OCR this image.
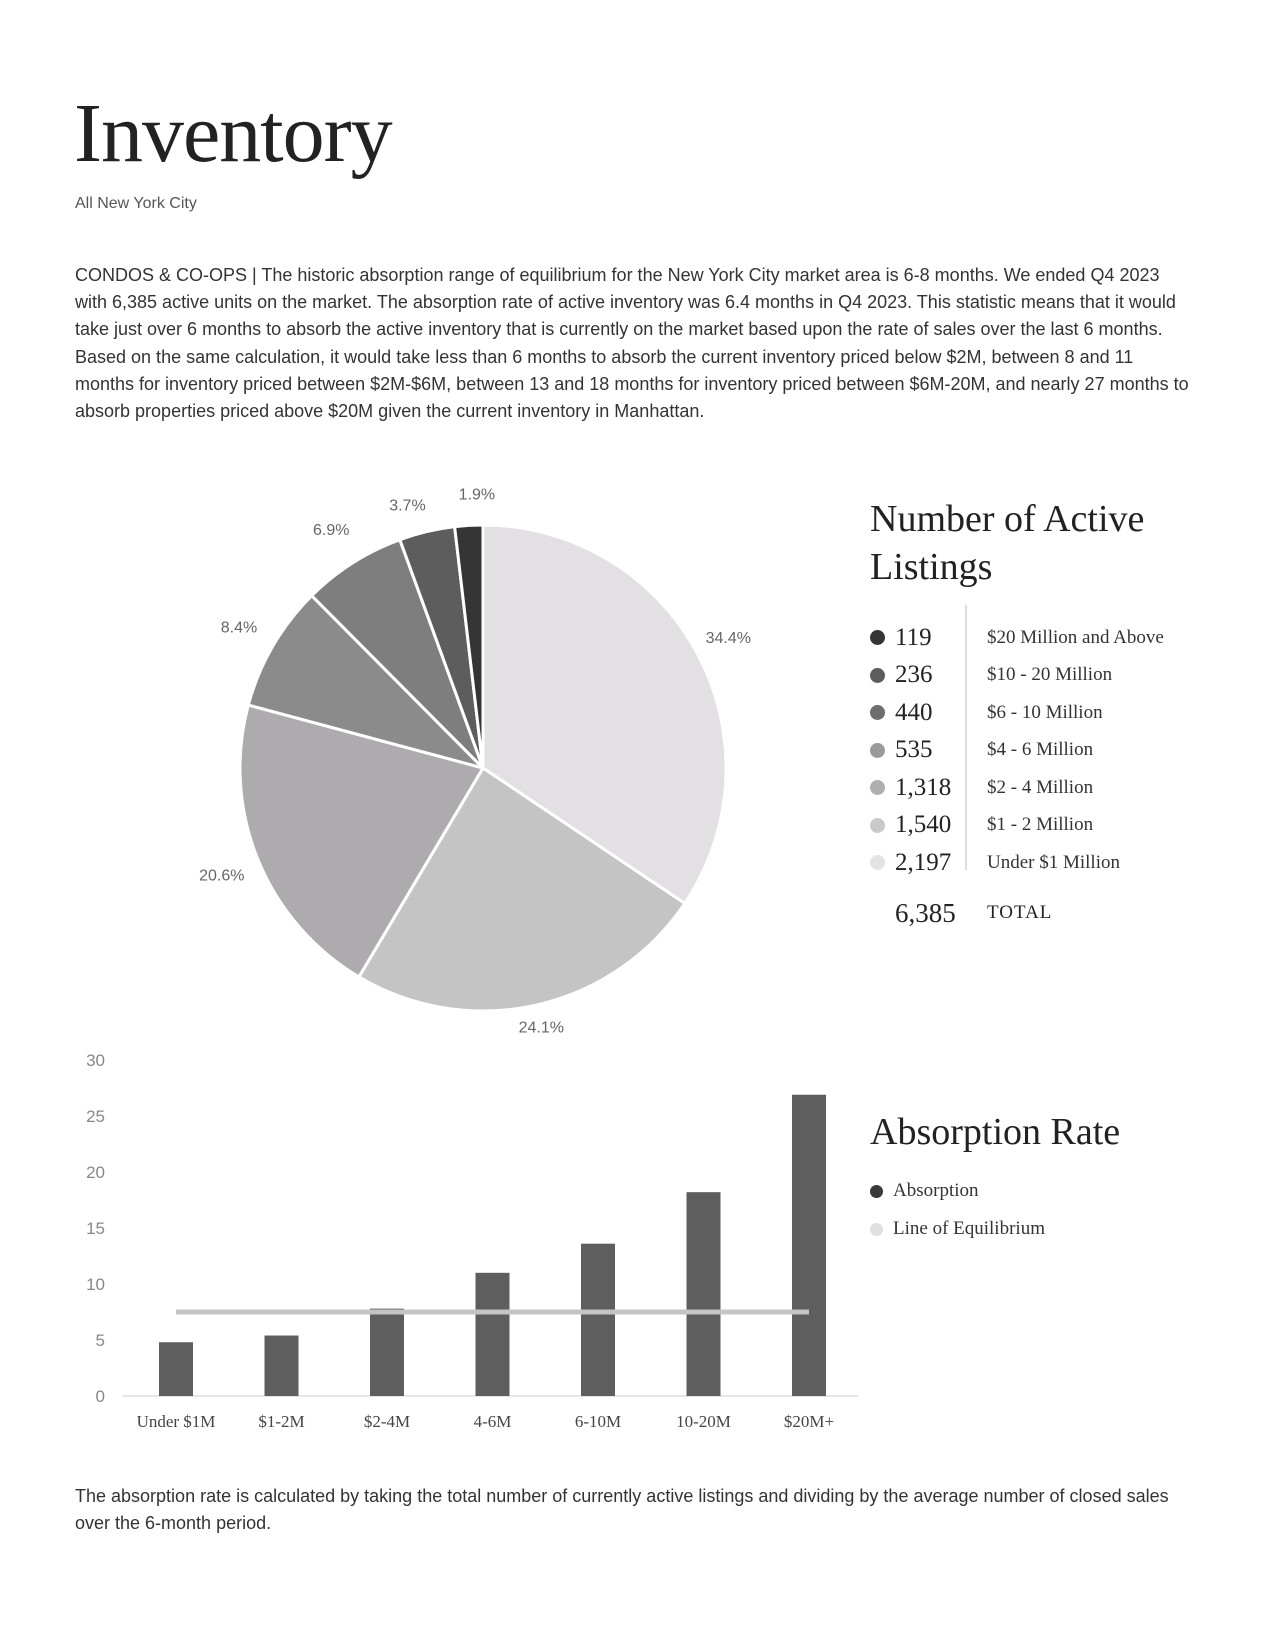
Inventory
All New York City

CONDOS & CO-OPS | The historic absorption range of equilibrium for the New York City market area is 6-8 months. We ended Q4 2023 with 6,385 active units on the market. The absorption rate of active inventory was 6.4 months in Q4 2023. This statistic means that it would take just over 6 months to absorb the active inventory that is currently on the market based upon the rate of sales over the last 6 months. Based on the same calculation, it would take less than 6 months to absorb the current inventory priced below $2M, between 8 and 11 months for inventory priced between $2M-$6M, between 13 and 18 months for inventory priced between $6M-20M, and nearly 27 months to absorb properties priced above $20M given the current inventory in Manhattan.

34.4%
24.1%
20.6%
8.4%
6.9%
3.7%
1.9%
Number of Active Listings
119	$20 Million and Above
236	$10 - 20 Million
440	$6 - 10 Million
535	$4 - 6 Million
1,318	$2 - 4 Million
1,540	$1 - 2 Million
2,197	Under $1 Million
6,385	TOTAL
0
5
10
15
20
25
30
Under $1M	$1-2M	$2-4M	4-6M	6-10M	10-20M	$20M+
Absorption Rate
Absorption
Line of Equilibrium

The absorption rate is calculated by taking the total number of currently active listings and dividing by the average number of closed sales over the 6-month period.
